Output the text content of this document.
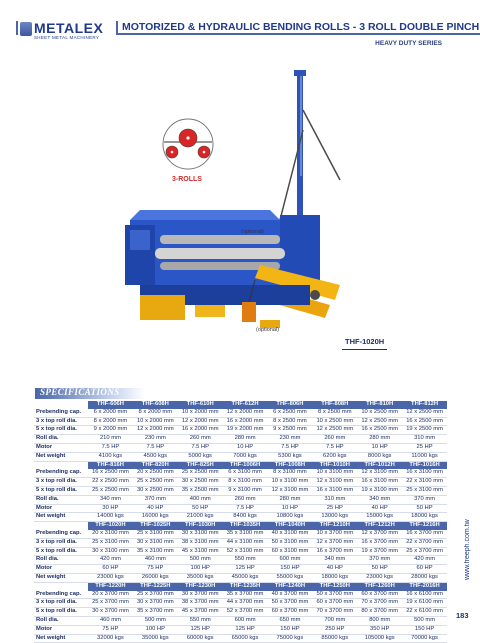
METALEX
SHEET METAL MACHINERY
MOTORIZED & HYDRAULIC BENDING ROLLS - 3 ROLL DOUBLE PINCH
HEAVY DUTY SERIES
3-ROLLS
(optional)
(optional)
THF-1020H
SPECIFICATIONS
	THF-606H	THF-608H	THF-610H	THF-612H	THF-806H	THF-808H	THF-810H	THF-812H
Prebending cap.	6 x 2000 mm	8 x 2000 mm	10 x 2000 mm	12 x 2000 mm	6 x 2500 mm	8 x 2500 mm	10 x 2500 mm	12 x 2500 mm
3 x top roll dia.	8 x 2000 mm	10 x 2000 mm	12 x 2000 mm	16 x 2000 mm	8 x 2500 mm	10 x 2500 mm	12 x 2500 mm	16 x 2500 mm
5 x top roll dia.	9 x 2000 mm	12 x 2000 mm	16 x 2000 mm	19 x 2000 mm	9 x 2500 mm	12 x 2500 mm	16 x 2500 mm	19 x 2500 mm
Roll dia.	210 mm	230 mm	260 mm	280 mm	230 mm	260 mm	280 mm	310 mm
Motor	7.5 HP	7.5 HP	7.5 HP	10 HP	7.5 HP	7.5 HP	10 HP	25 HP
Net weight	4100 kgs	4500 kgs	5000 kgs	7000 kgs	5300 kgs	6200 kgs	8000 kgs	11000 kgs
	THF-816H	THF-820H	THF-825H	THF-1006H	THF-1008H	THF-1010H	THF-1012H	THF-1016H
Prebending cap.	16 x 2500 mm	20 x 2500 mm	25 x 2500 mm	6 x 3100 mm	8 x 3100 mm	10 x 3100 mm	12 x 3100 mm	16 x 3100 mm
3 x top roll dia.	22 x 2500 mm	25 x 2500 mm	30 x 2500 mm	8 x 3100 mm	10 x 3100 mm	12 x 3100 mm	16 x 3100 mm	22 x 3100 mm
5 x top roll dia.	25 x 2500 mm	30 x 2500 mm	35 x 2500 mm	9 x 3100 mm	12 x 3100 mm	16 x 3100 mm	19 x 3100 mm	25 x 3100 mm
Roll dia.	340 mm	370 mm	400 mm	260 mm	280 mm	310 mm	340 mm	370 mm
Motor	30 HP	40 HP	50 HP	7.5 HP	10 HP	25 HP	40 HP	50 HP
Net weight	14000 kgs	16000 kgs	21000 kgs	8400 kgs	10800 kgs	13000 kgs	15000 kgs	18000 kgs
	THF-1020H	THF-1025H	THF-1030H	THF-1035H	THF-1040H	THF-1210H	THF-1212H	THF-1216H
Prebending cap.	20 x 3100 mm	25 x 3100 mm	30 x 3100 mm	35 x 3100 mm	40 x 3100 mm	10 x 3700 mm	12 x 3700 mm	16 x 3700 mm
3 x top roll dia.	25 x 3100 mm	30 x 3100 mm	38 x 3100 mm	44 x 3100 mm	50 x 3100 mm	12 x 3700 mm	16 x 3700 mm	22 x 3700 mm
5 x top roll dia.	30 x 3100 mm	35 x 3100 mm	45 x 3100 mm	52 x 3100 mm	60 x 3100 mm	16 x 3700 mm	19 x 3700 mm	25 x 3700 mm
Roll dia.	420 mm	460 mm	500 mm	550 mm	600 mm	340 mm	370 mm	420 mm
Motor	60 HP	75 HP	100 HP	125 HP	150 HP	40 HP	50 HP	60 HP
Net weight	23000 kgs	26000 kgs	35000 kgs	45000 kgs	55000 kgs	18000 kgs	23000 kgs	28000 kgs
	THF-1220H	THF-1225H	THF-1230H	THF-1235H	THF-1240H	THF-1250H	THF-1260H	THF-2016H
Prebending cap.	20 x 3700 mm	25 x 3700 mm	30 x 3700 mm	35 x 3700 mm	40 x 3700 mm	50 x 3700 mm	60 x 3700 mm	16 x 6100 mm
3 x top roll dia.	25 x 3700 mm	30 x 3700 mm	38 x 3700 mm	44 x 3700 mm	50 x 3700 mm	60 x 3700 mm	70 x 3700 mm	19 x 6100 mm
5 x top roll dia.	30 x 3700 mm	35 x 3700 mm	45 x 3700 mm	52 x 3700 mm	60 x 3700 mm	70 x 3700 mm	80 x 3700 mm	22 x 6100 mm
Roll dia.	460 mm	500 mm	550 mm	600 mm	650 mm	700 mm	800 mm	500 mm
Motor	75 HP	100 HP	125 HP	125 HP	150 HP	250 HP	350 HP	150 HP
Net weight	32000 kgs	35000 kgs	60000 kgs	65000 kgs	75000 kgs	85000 kgs	105000 kgs	70000 kgs
www.freeph.com.tw
183
